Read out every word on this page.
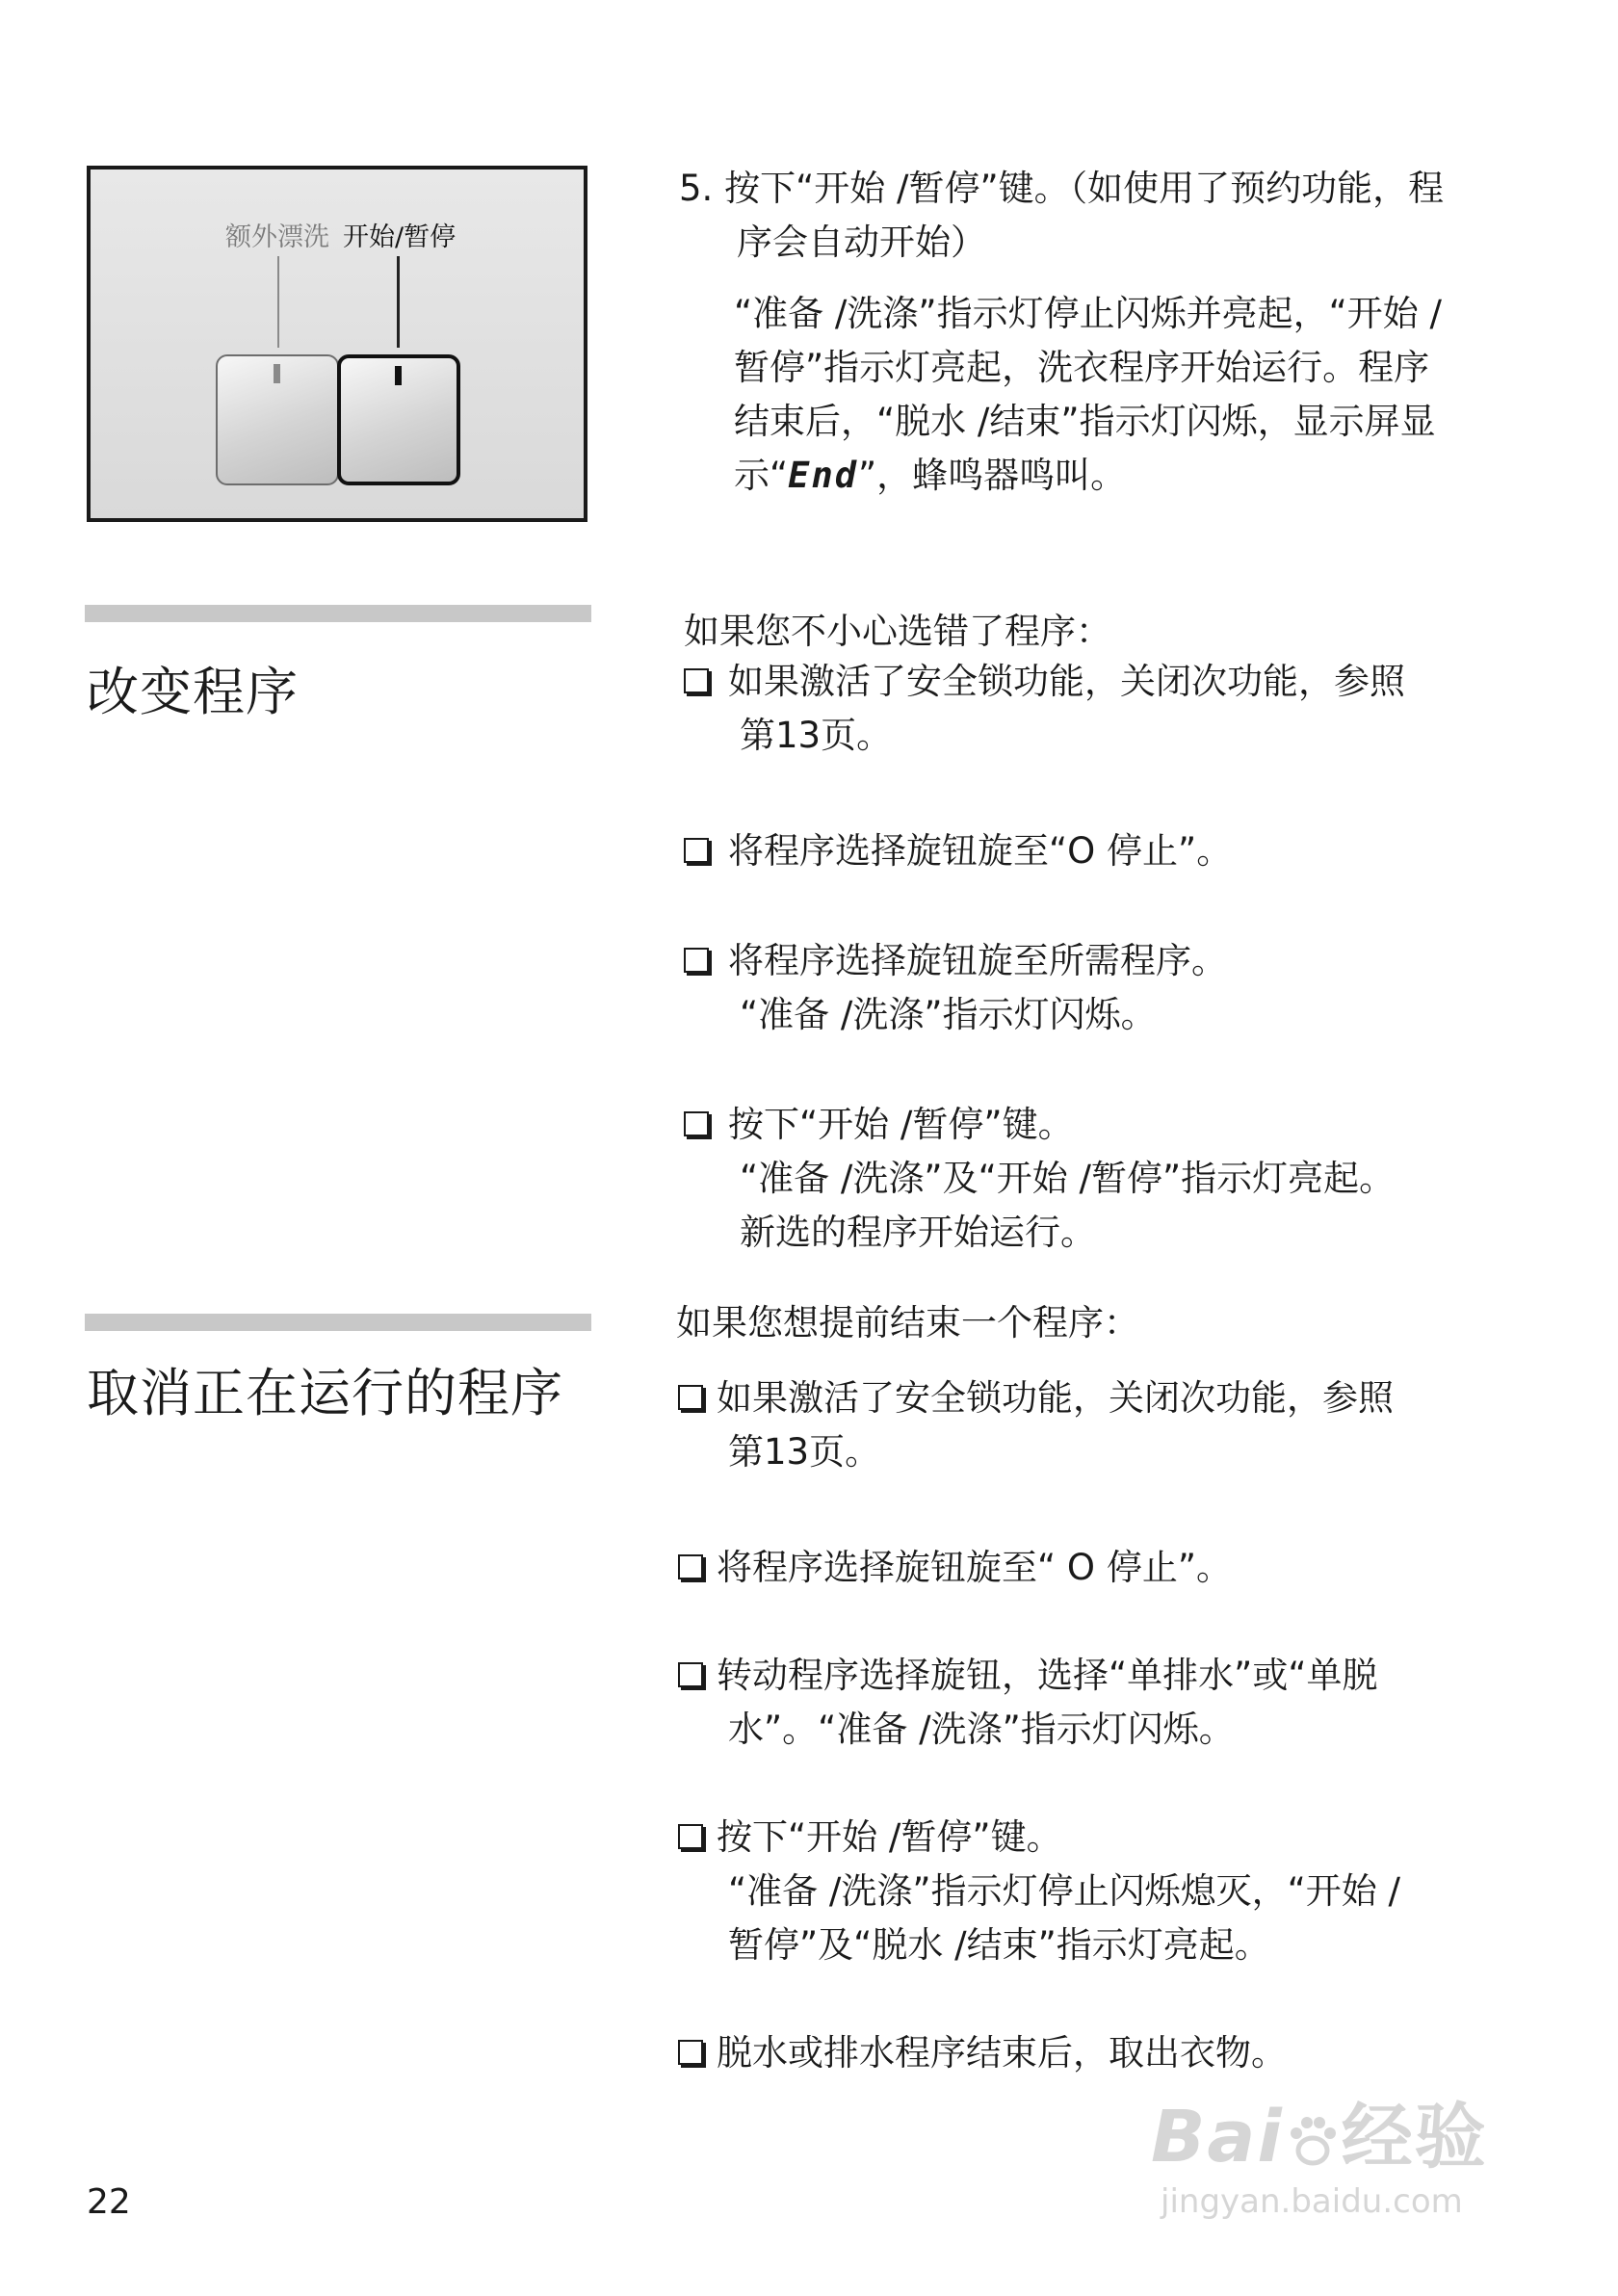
额外漂洗 开始/暂停
5. 按下“开始 /暂停”键。（如使用了预约功能，程
序会自动开始）
“准备 /洗涤”指示灯停止闪烁并亮起，“开始 /
暂停”指示灯亮起，洗衣程序开始运行。程序
结束后，“脱水 /结束”指示灯闪烁，显示屏显
示“End”，蜂鸣器鸣叫。
改变程序
如果您不小心选错了程序：
如果激活了安全锁功能，关闭次功能，参照
第13页。
将程序选择旋钮旋至“O 停止”。
将程序选择旋钮旋至所需程序。
“准备 /洗涤”指示灯闪烁。
按下“开始 /暂停”键。
“准备 /洗涤”及“开始 /暂停”指示灯亮起。
新选的程序开始运行。
取消正在运行的程序
如果您想提前结束一个程序：
如果激活了安全锁功能，关闭次功能，参照
第13页。
将程序选择旋钮旋至“ O 停止”。
转动程序选择旋钮，选择“单排水”或“单脱
水”。“准备 /洗涤”指示灯闪烁。
按下“开始 /暂停”键。
“准备 /洗涤”指示灯停止闪烁熄灭，“开始 /
暂停”及“脱水 /结束”指示灯亮起。
脱水或排水程序结束后，取出衣物。
22
Bai 经验
jingyan.baidu.com
